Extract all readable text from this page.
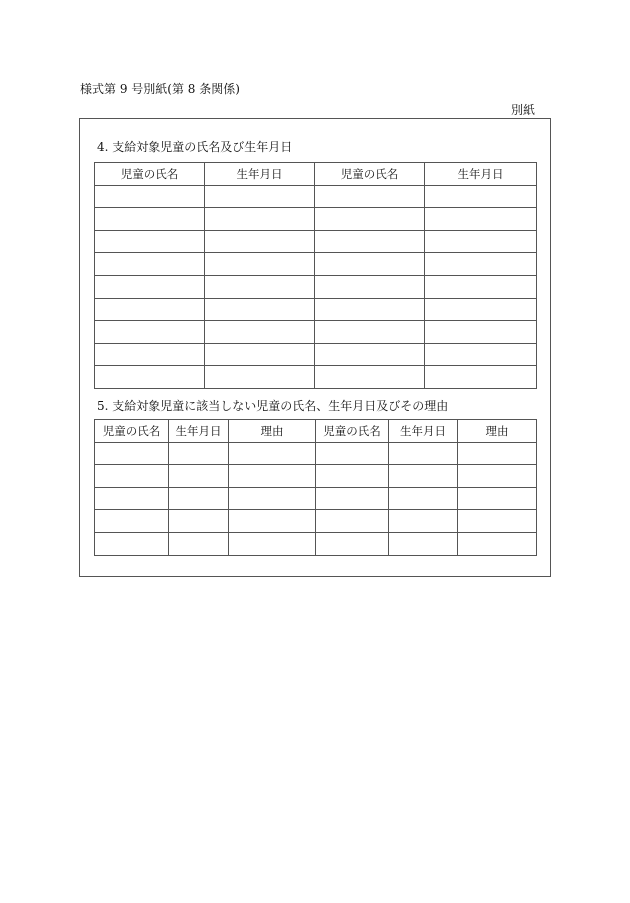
様式第 9 号別紙(第 8 条関係)
別紙
4. 支給対象児童の氏名及び生年月日
児童の氏名	生年月日	児童の氏名	生年月日

5. 支給対象児童に該当しない児童の氏名、生年月日及びその理由
児童の氏名	生年月日	理由	児童の氏名	生年月日	理由
